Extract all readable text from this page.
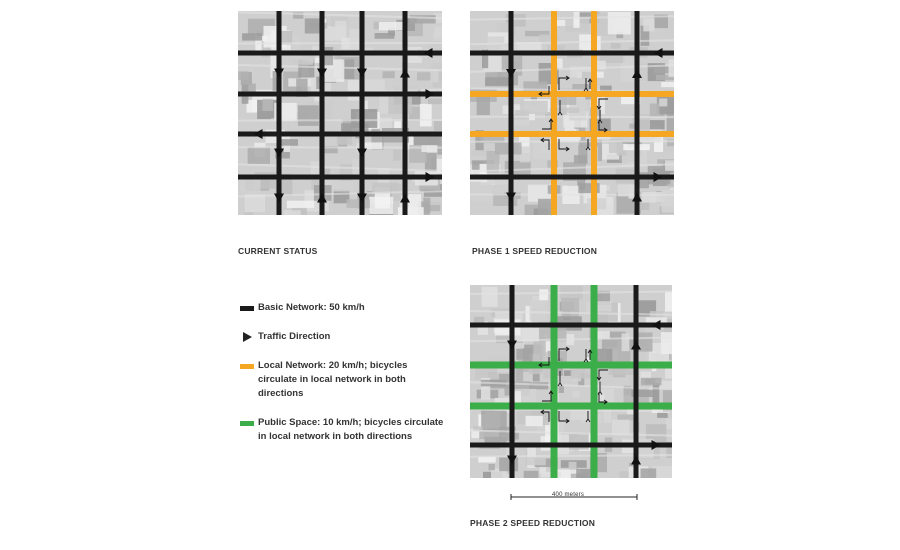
CURRENT STATUS	PHASE 1 SPEED REDUCTION
400 meters
PHASE 2 SPEED REDUCTION
Basic Network: 50 km/h
Traffic Direction
Local Network: 20 km/h; bicycles circulate in local network in both directions
Public Space: 10 km/h; bicycles circulate in local network in both directions
